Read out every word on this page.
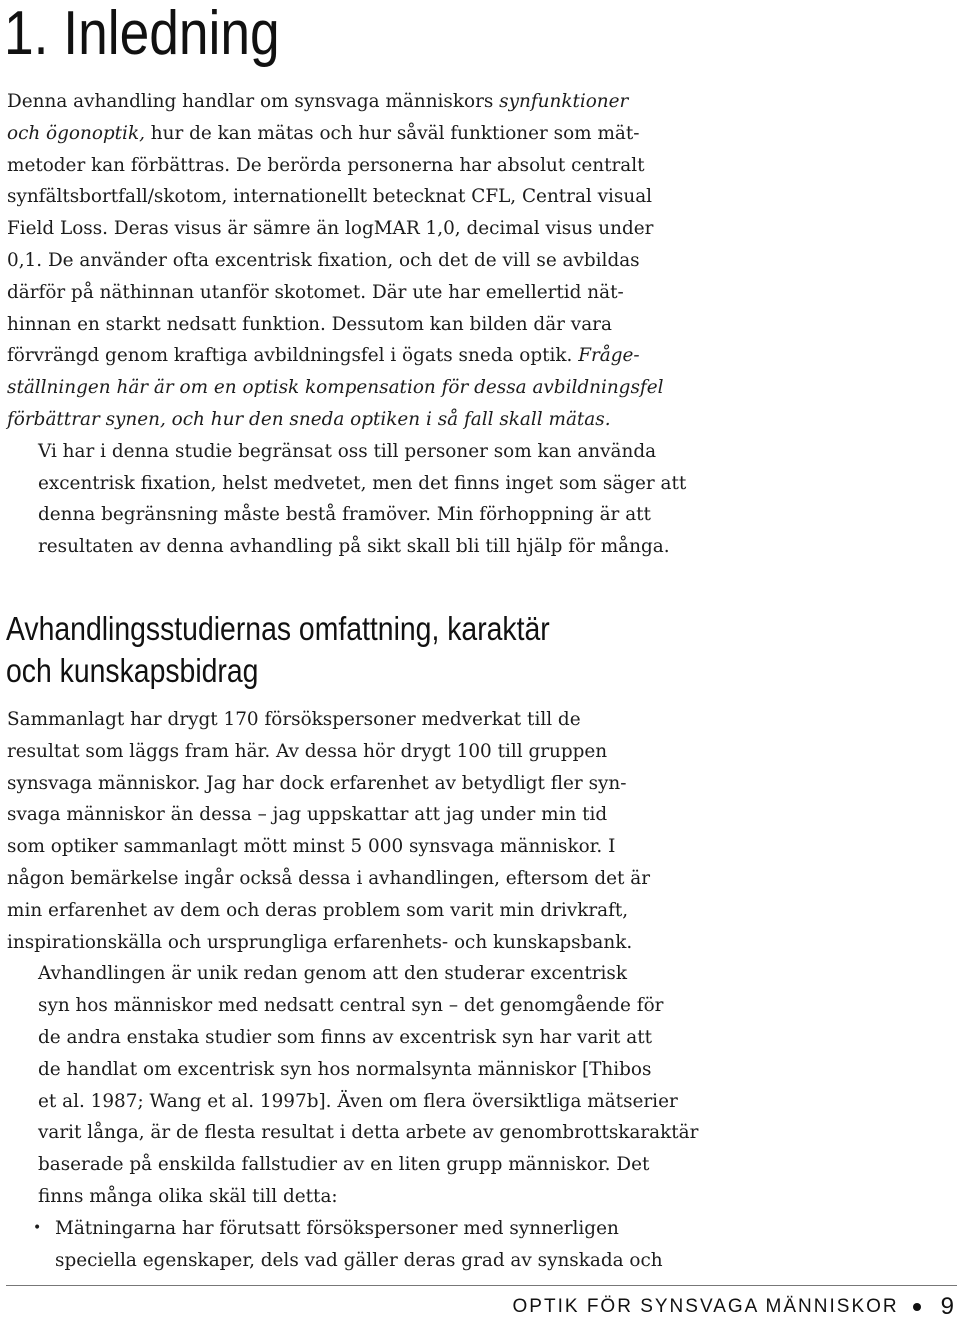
1. Inledning

Denna avhandling handlar om synsvaga människors synfunktioner
och ögonoptik, hur de kan mätas och hur såväl funktioner som mät-
metoder kan förbättras. De berörda personerna har absolut centralt
synfältsbortfall/skotom, internationellt betecknat CFL, Central visual
Field Loss. Deras visus är sämre än logMAR 1,0, decimal visus under
0,1. De använder ofta excentrisk fixation, och det de vill se avbildas
därför på näthinnan utanför skotomet. Där ute har emellertid nät-
hinnan en starkt nedsatt funktion. Dessutom kan bilden där vara
förvrängd genom kraftiga avbildningsfel i ögats sneda optik. Fråge-
ställningen här är om en optisk kompensation för dessa avbildningsfel
förbättrar synen, och hur den sneda optiken i så fall skall mätas.

Vi har i denna studie begränsat oss till personer som kan använda
excentrisk fixation, helst medvetet, men det finns inget som säger att
denna begränsning måste bestå framöver. Min förhoppning är att
resultaten av denna avhandling på sikt skall bli till hjälp för många.

Avhandlingsstudiernas omfattning, karaktär
och kunskapsbidrag

Sammanlagt har drygt 170 försökspersoner medverkat till de
resultat som läggs fram här. Av dessa hör drygt 100 till gruppen
synsvaga människor. Jag har dock erfarenhet av betydligt fler syn-
svaga människor än dessa – jag uppskattar att jag under min tid
som optiker sammanlagt mött minst 5 000 synsvaga människor. I
någon bemärkelse ingår också dessa i avhandlingen, eftersom det är
min erfarenhet av dem och deras problem som varit min drivkraft,
inspirationskälla och ursprungliga erfarenhets- och kunskapsbank.

Avhandlingen är unik redan genom att den studerar excentrisk
syn hos människor med nedsatt central syn – det genomgående för
de andra enstaka studier som finns av excentrisk syn har varit att
de handlat om excentrisk syn hos normalsynta människor [Thibos
et al. 1987; Wang et al. 1997b]. Även om flera översiktliga mätserier
varit långa, är de flesta resultat i detta arbete av genombrottskaraktär
baserade på enskilda fallstudier av en liten grupp människor. Det
finns många olika skäl till detta:

• Mätningarna har förutsatt försökspersoner med synnerligen
speciella egenskaper, dels vad gäller deras grad av synskada och
OPTIK FÖR SYNSVAGA MÄNNISKOR 9
